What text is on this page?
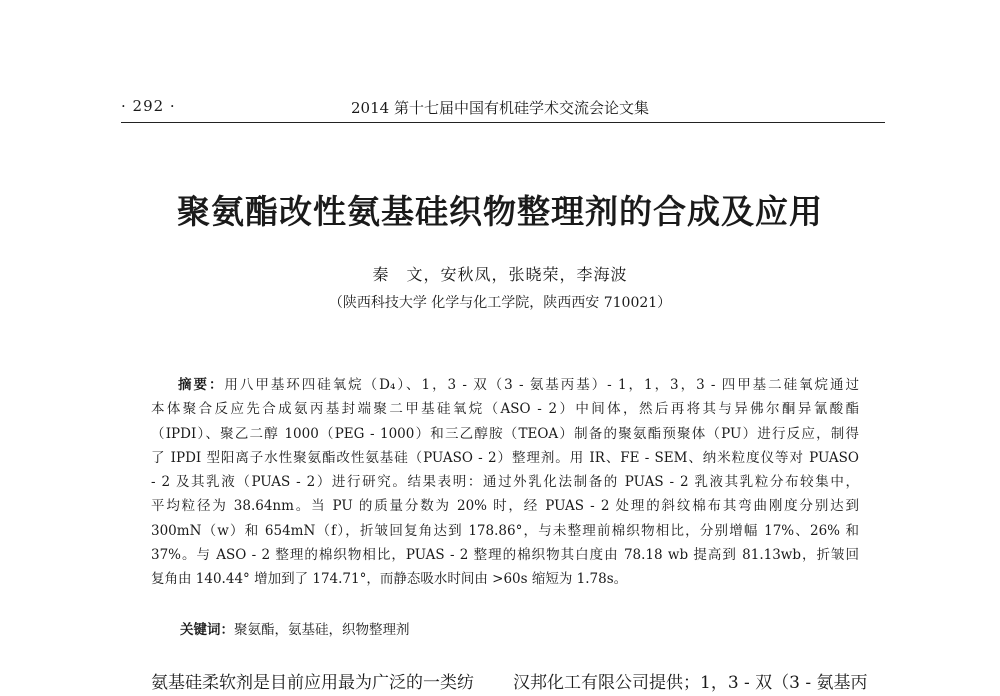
· 292 ·	2014 第十七届中国有机硅学术交流会论文集
聚氨酯改性氨基硅织物整理剂的合成及应用
秦　文，安秋凤，张晓荣，李海波
（陕西科技大学 化学与化工学院，陕西西安 710021）
摘要：用八甲基环四硅氧烷（D₄）、1，3 - 双（3 - 氨基丙基）- 1，1，3，3 - 四甲基二硅氧烷通过
本体聚合反应先合成氨丙基封端聚二甲基硅氧烷（ASO - 2）中间体，然后再将其与异佛尔酮异氰酸酯
（IPDI）、聚乙二醇 1000（PEG - 1000）和三乙醇胺（TEOA）制备的聚氨酯预聚体（PU）进行反应，制得
了 IPDI 型阳离子水性聚氨酯改性氨基硅（PUASO - 2）整理剂。用 IR、FE - SEM、纳米粒度仪等对 PUASO
- 2 及其乳液（PUAS - 2）进行研究。结果表明：通过外乳化法制备的 PUAS - 2 乳液其乳粒分布较集中，
平均粒径为 38.64nm。当 PU 的质量分数为 20% 时，经 PUAS - 2 处理的斜纹棉布其弯曲刚度分别达到
300mN（w）和 654mN（f），折皱回复角达到 178.86°，与未整理前棉织物相比，分别增幅 17%、26% 和
37%。与 ASO - 2 整理的棉织物相比，PUAS - 2 整理的棉织物其白度由 78.18 wb 提高到 81.13wb，折皱回
复角由 140.44° 增加到了 174.71°，而静态吸水时间由 >60s 缩短为 1.78s。
关键词：聚氨酯，氨基硅，织物整理剂
氨基硅柔软剂是目前应用最为广泛的一类纺	汉邦化工有限公司提供；1，3 - 双（3 - 氨基丙
